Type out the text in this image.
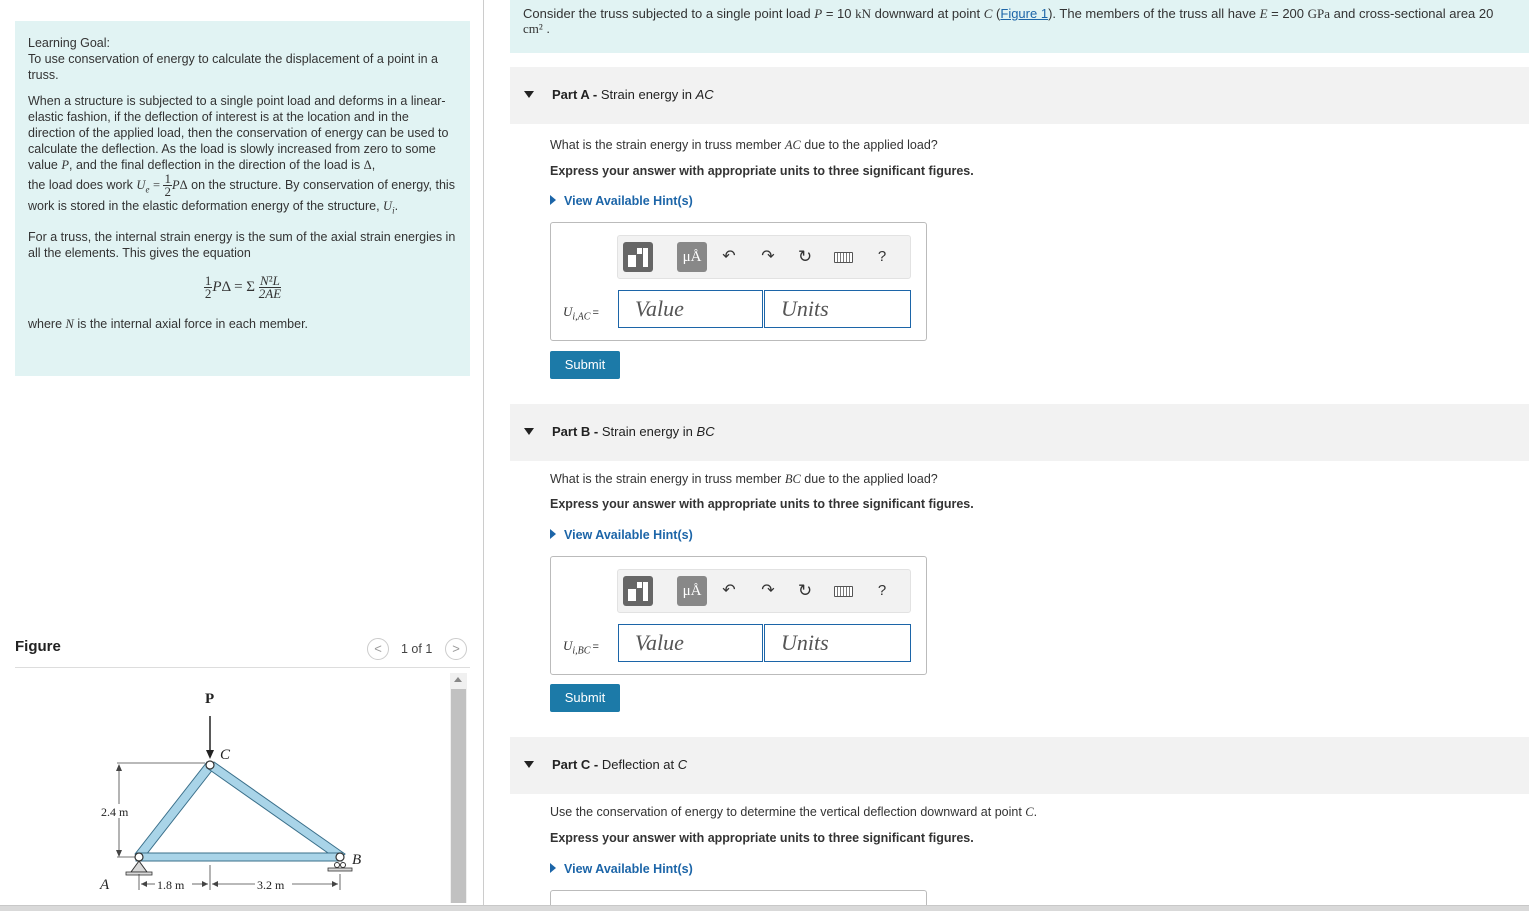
Learning Goal:
To use conservation of energy to calculate the displacement of a point in a truss.

When a structure is subjected to a single point load and deforms in a linear-elastic fashion, if the deflection of interest is at the location and in the direction of the applied load, then the conservation of energy can be used to calculate the deflection. As the load is slowly increased from zero to some value P, and the final deflection in the direction of the load is Δ,
the load does work $U_e = \frac{1}{2}$ PΔ on the structure. By conservation of energy, this work is stored in the elastic deformation energy of the structure, $U_i$.

For a truss, the internal strain energy is the sum of the axial strain energies in all the elements. This gives the equation

$\frac{1}{2}$ PΔ = Σ $\frac{\text{N²L}}{2AE}$

where N is the internal axial force in each member.

Figure	<	1 of 1	>
P
C
2.4 m
B
A	1.8 m	3.2 m
Consider the truss subjected to a single point load P = 10 kN downward at point C (Figure 1). The members of the truss all have E = 200 GPa and cross-sectional area 20
cm² .
Part A - Strain energy in AC
What is the strain energy in truss member AC due to the applied load?
Express your answer with appropriate units to three significant figures.
View Available Hint(s)
μÅ	↶ ↷ ↻	?
$U_{i,AC}$ =	Value	Units
Submit
Part B - Strain energy in BC
What is the strain energy in truss member BC due to the applied load?
Express your answer with appropriate units to three significant figures.
View Available Hint(s)
μÅ	↶ ↷ ↻	?
$U_{i,BC}$ =	Value	Units
Submit
Part C - Deflection at C
Use the conservation of energy to determine the vertical deflection downward at point C.
Express your answer with appropriate units to three significant figures.
View Available Hint(s)
